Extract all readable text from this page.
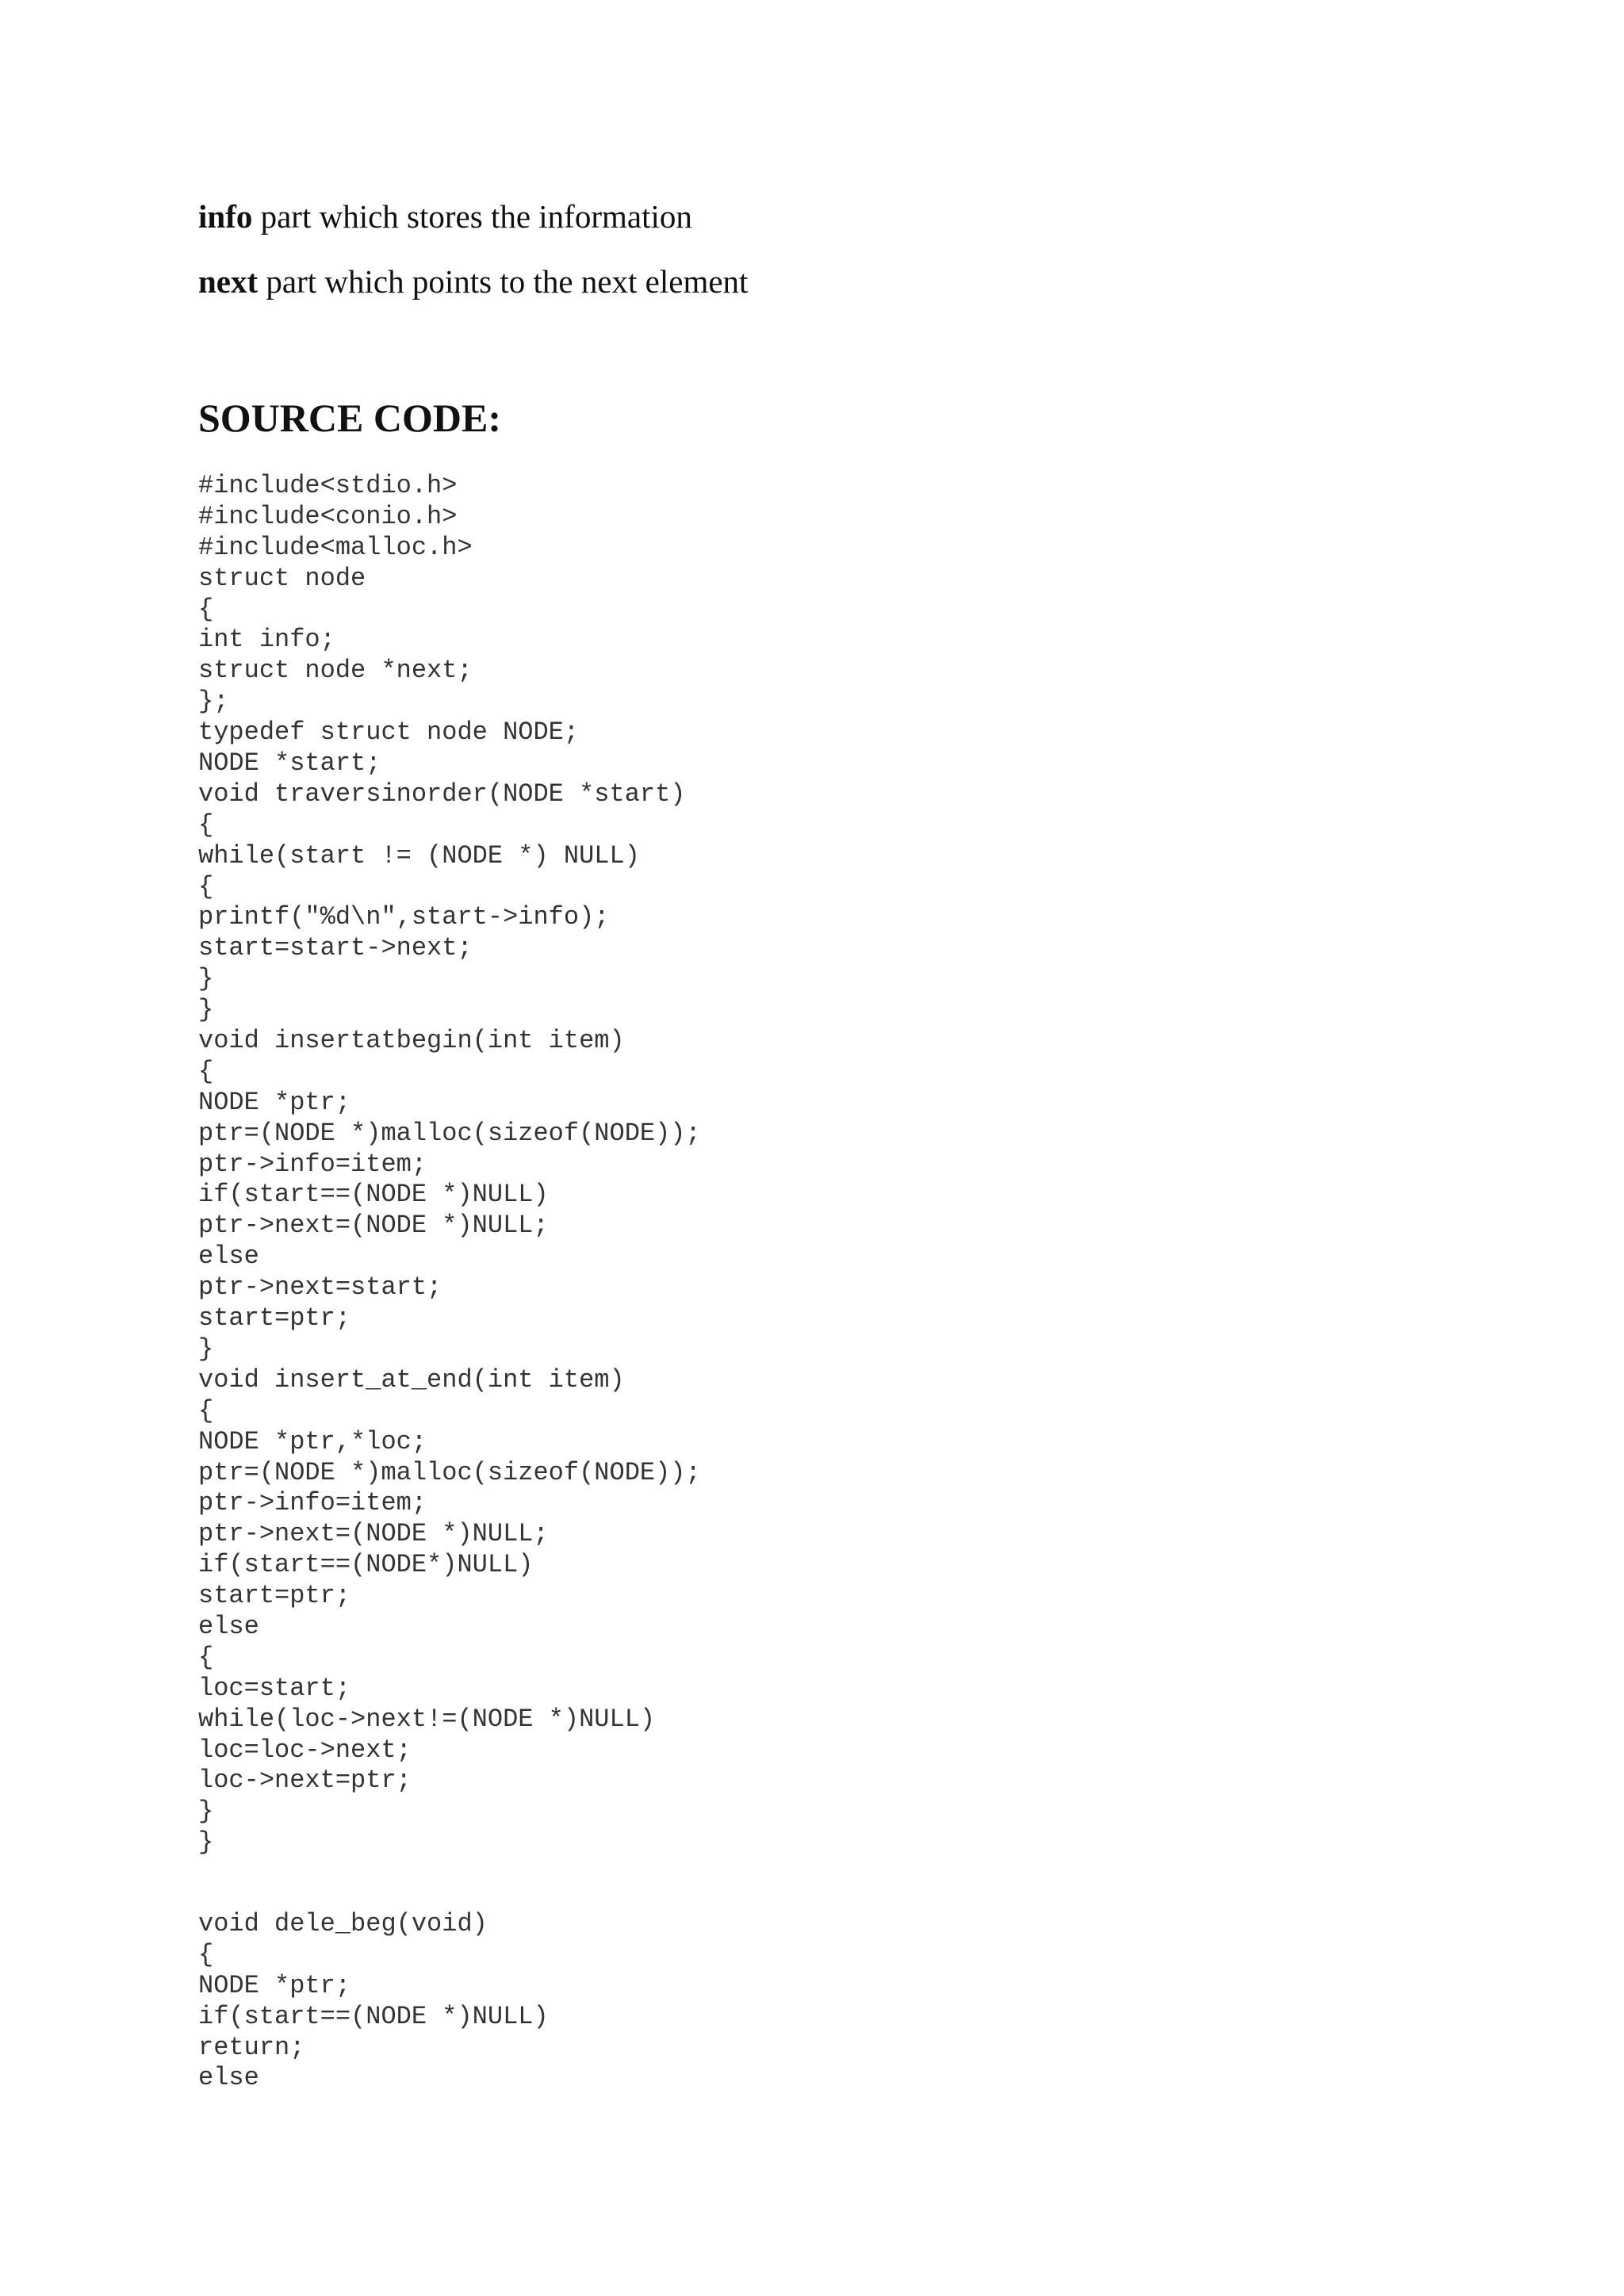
info part which stores the information
next part which points to the next element
SOURCE CODE:
#include<stdio.h>
#include<conio.h>
#include<malloc.h>
struct node
{
int info;
struct node *next;
};
typedef struct node NODE;
NODE *start;
void traversinorder(NODE *start)
{
while(start != (NODE *) NULL)
{
printf("%d\n",start->info);
start=start->next;
}
}
void insertatbegin(int item)
{
NODE *ptr;
ptr=(NODE *)malloc(sizeof(NODE));
ptr->info=item;
if(start==(NODE *)NULL)
ptr->next=(NODE *)NULL;
else
ptr->next=start;
start=ptr;
}
void insert_at_end(int item)
{
NODE *ptr,*loc;
ptr=(NODE *)malloc(sizeof(NODE));
ptr->info=item;
ptr->next=(NODE *)NULL;
if(start==(NODE*)NULL)
start=ptr;
else
{
loc=start;
while(loc->next!=(NODE *)NULL)
loc=loc->next;
loc->next=ptr;
}
}
void dele_beg(void)
{
NODE *ptr;
if(start==(NODE *)NULL)
return;
else
